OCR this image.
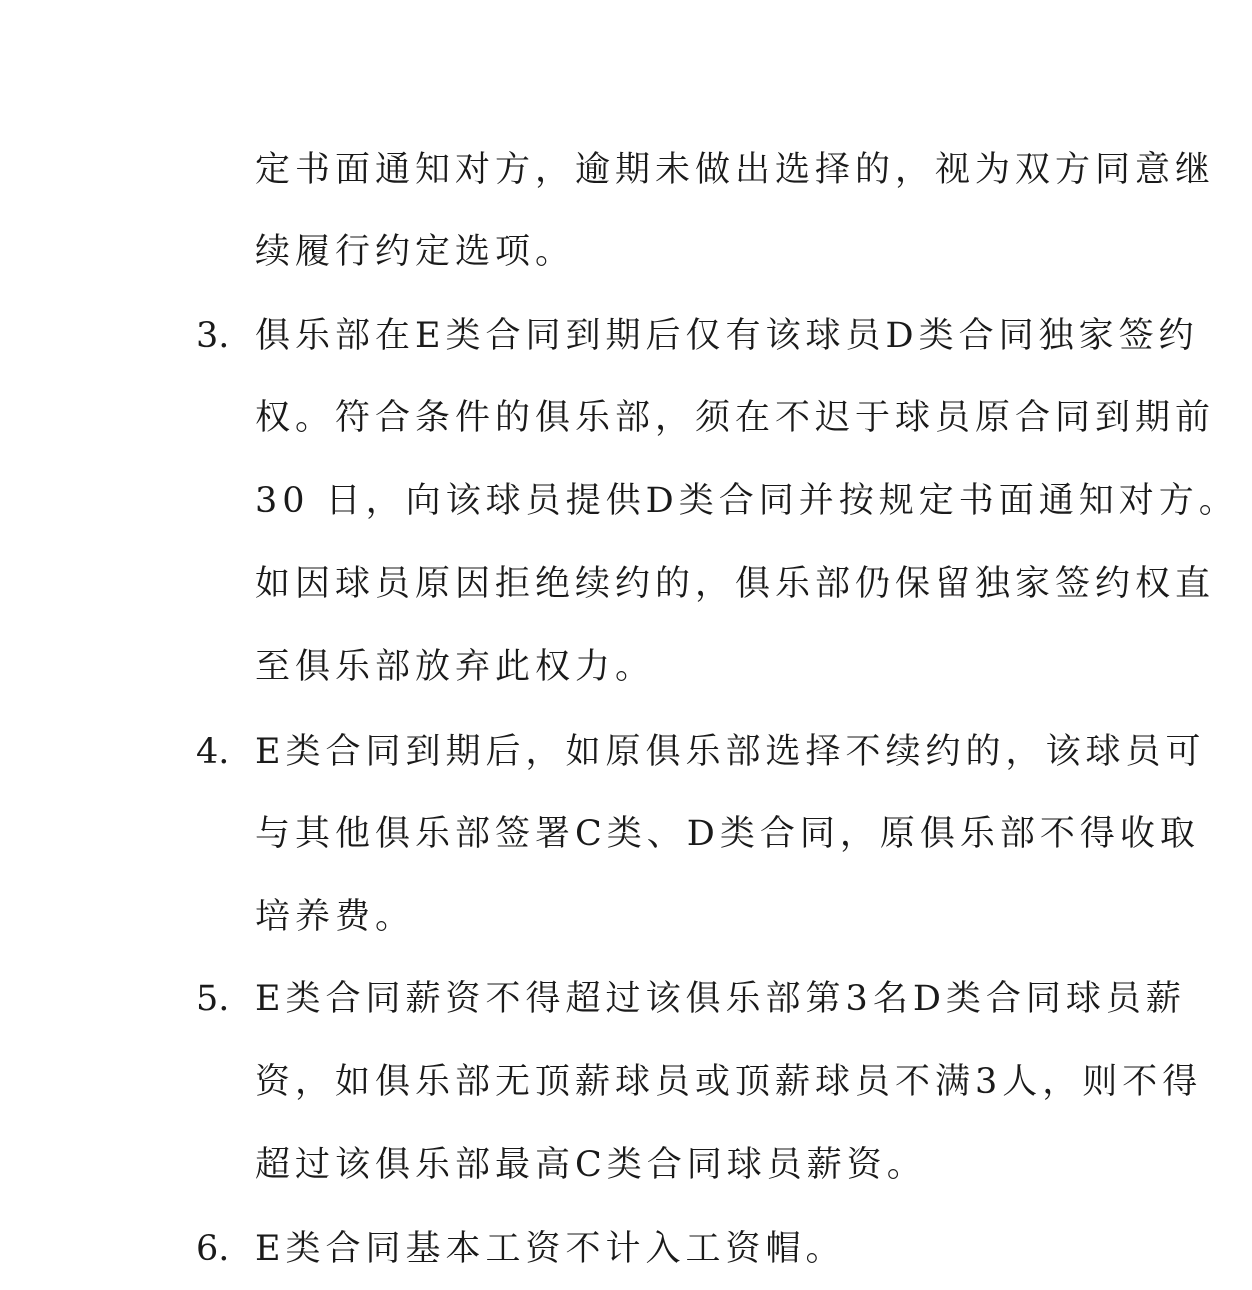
定书面通知对方，逾期未做出选择的，视为双方同意继
续履行约定选项。
3. 俱乐部在E类合同到期后仅有该球员D类合同独家签约
权。符合条件的俱乐部，须在不迟于球员原合同到期前
30 日，向该球员提供D类合同并按规定书面通知对方。
如因球员原因拒绝续约的，俱乐部仍保留独家签约权直
至俱乐部放弃此权力。
4. E类合同到期后，如原俱乐部选择不续约的，该球员可
与其他俱乐部签署C类、D类合同，原俱乐部不得收取
培养费。
5. E类合同薪资不得超过该俱乐部第3名D类合同球员薪
资，如俱乐部无顶薪球员或顶薪球员不满3人，则不得
超过该俱乐部最高C类合同球员薪资。
6. E类合同基本工资不计入工资帽。
